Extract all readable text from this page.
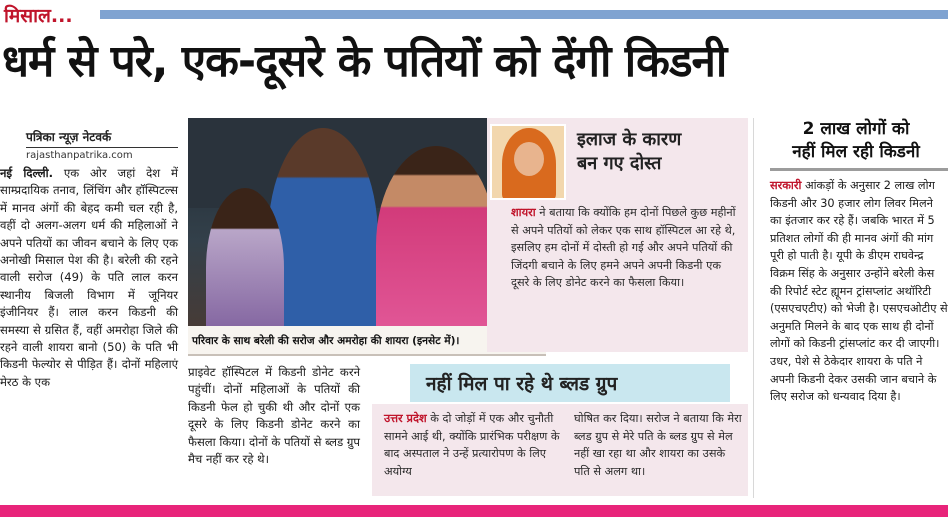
मिसाल...
धर्म से परे, एक-दूसरे के पतियों को देंगी किडनी
पत्रिका न्यूज़ नेटवर्क
rajasthanpatrika.com

नई दिल्ली. एक ओर जहां देश में साम्प्रदायिक तनाव, लिंचिंग और हॉस्पिटल्स में मानव अंगों की बेहद कमी चल रही है, वहीं दो अलग-अलग धर्म की महिलाओं ने अपने पतियों का जीवन बचाने के लिए एक अनोखी मिसाल पेश की है। बरेली की रहने वाली सरोज (49) के पति लाल करन स्थानीय बिजली विभाग में जूनियर इंजीनियर हैं। लाल करन किडनी की समस्या से ग्रसित हैं, वहीं अमरोहा जिले की रहने वाली शायरा बानो (50) के पति भी किडनी फेल्योर से पीड़ित हैं। दोनों महिलाएं मेरठ के एक

परिवार के साथ बरेली की सरोज और अमरोहा की शायरा (इनसेट में)।
इलाज के कारण
बन गए दोस्त

शायरा ने बताया कि क्योंकि हम दोनों पिछले कुछ महीनों से अपने पतियों को लेकर एक साथ हॉस्पिटल आ रहे थे, इसलिए हम दोनों में दोस्ती हो गई और अपने पतियों की जिंदगी बचाने के लिए हमने अपने अपनी किडनी एक दूसरे के लिए डोनेट करने का फैसला किया।

प्राइवेट हॉस्पिटल में किडनी डोनेट करने पहुंचीं। दोनों महिलाओं के पतियों की किडनी फेल हो चुकी थी और दोनों एक दूसरे के लिए किडनी डोनेट करने का फैसला किया। दोनों के पतियों से ब्लड ग्रुप मैच नहीं कर रहे थे।

उत्तर प्रदेश के दो जोड़ों में एक और चुनौती सामने आई थी, क्योंकि प्रारंभिक परीक्षण के बाद अस्पताल ने उन्हें प्रत्यारोपण के लिए अयोग्य

घोषित कर दिया। सरोज ने बताया कि मेरा ब्लड ग्रुप से मेरे पति के ब्लड ग्रुप से मेल नहीं खा रहा था और शायरा का उसके पति से अलग था।

नहीं मिल पा रहे थे ब्लड ग्रुप
2 लाख लोगों को
नहीं मिल रही किडनी

सरकारी आंकड़ों के अनुसार 2 लाख लोग किडनी और 30 हजार लोग लिवर मिलने का इंतजार कर रहे हैं। जबकि भारत में 5 प्रतिशत लोगों की ही मानव अंगों की मांग पूरी हो पाती है। यूपी के डीएम राघवेन्द्र विक्रम सिंह के अनुसार उन्होंने बरेली केस की रिपोर्ट स्टेट ह्यूमन ट्रांसप्लांट अथॉरिटी (एसएचएटीए) को भेजी है। एसएचओटीए से अनुमति मिलने के बाद एक साथ ही दोनों लोगों को किडनी ट्रांसप्लांट कर दी जाएगी। उधर, पेशे से ठेकेदार शायरा के पति ने अपनी किडनी देकर उसकी जान बचाने के लिए सरोज को धन्यवाद दिया है।
